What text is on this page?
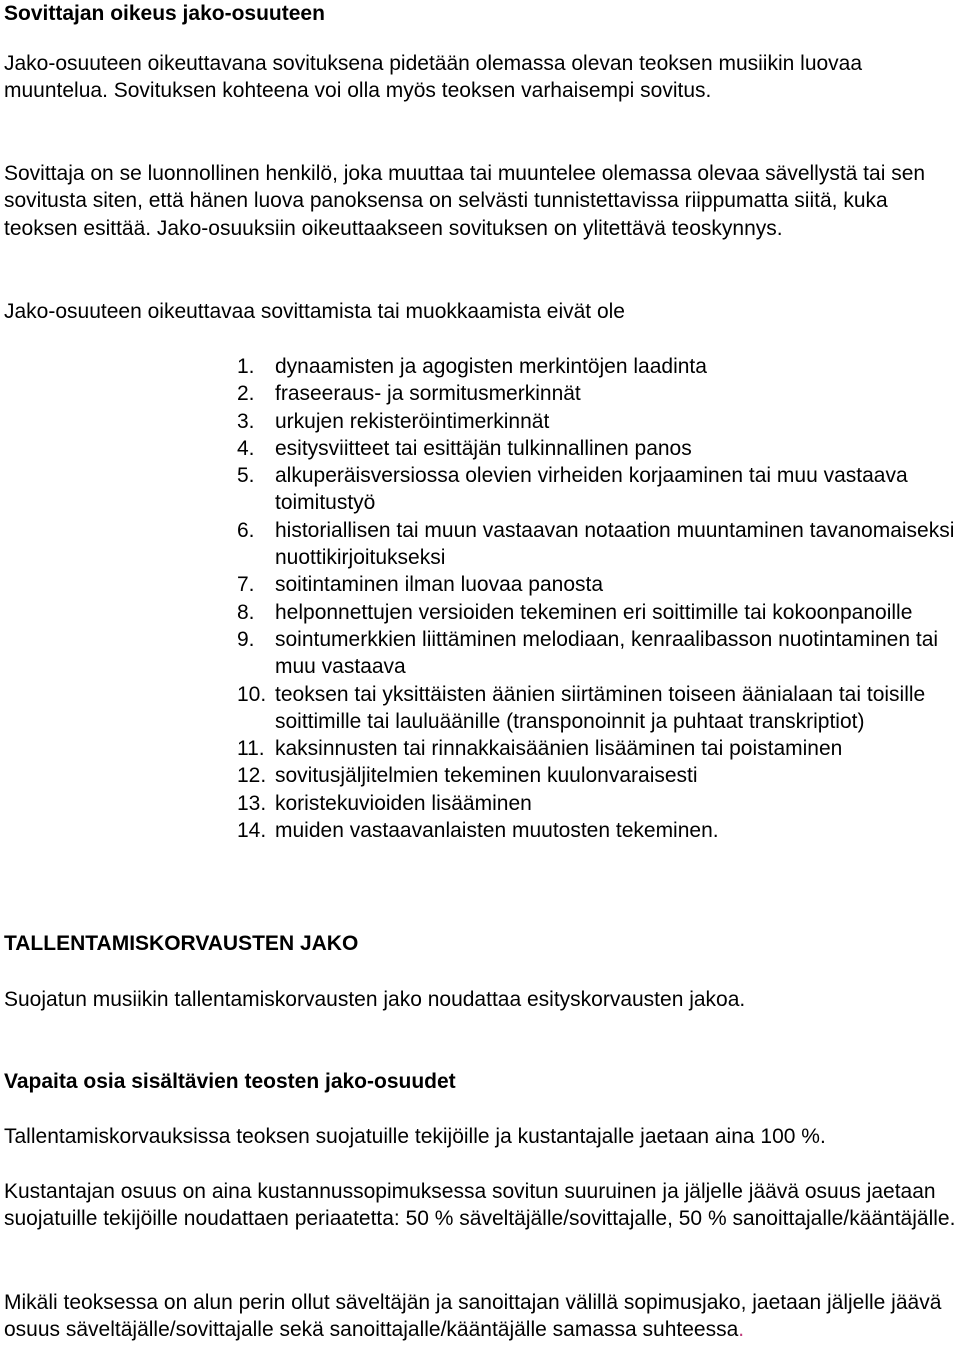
Sovittajan oikeus jako-osuuteen

Jako-osuuteen oikeuttavana sovituksena pidetään olemassa olevan teoksen musiikin luovaa muuntelua. Sovituksen kohteena voi olla myös teoksen varhaisempi sovitus.

Sovittaja on se luonnollinen henkilö, joka muuttaa tai muuntelee olemassa olevaa sävellystä tai sen sovitusta siten, että hänen luova panoksensa on selvästi tunnistettavissa riippumatta siitä, kuka teoksen esittää. Jako-osuuksiin oikeuttaakseen sovituksen on ylitettävä teoskynnys.

Jako-osuuteen oikeuttavaa sovittamista tai muokkaamista eivät ole

1. dynaamisten ja agogisten merkintöjen laadinta
2. fraseeraus- ja sormitusmerkinnät
3. urkujen rekisteröintimerkinnät
4. esitysviitteet tai esittäjän tulkinnallinen panos
5. alkuperäisversiossa olevien virheiden korjaaminen tai muu vastaava toimitustyö
6. historiallisen tai muun vastaavan notaation muuntaminen tavanomaiseksi nuottikirjoitukseksi
7. soitintaminen ilman luovaa panosta
8. helponnettujen versioiden tekeminen eri soittimille tai kokoonpanoille
9. sointumerkkien liittäminen melodiaan, kenraalibasson nuotintaminen tai muu vastaava
10. teoksen tai yksittäisten äänien siirtäminen toiseen äänialaan tai toisille soittimille tai lauluäänille (transponoinnit ja puhtaat transkriptiot)
11. kaksinnusten tai rinnakkaisäänien lisääminen tai poistaminen
12. sovitusjäljitelmien tekeminen kuulonvaraisesti
13. koristekuvioiden lisääminen
14. muiden vastaavanlaisten muutosten tekeminen.
TALLENTAMISKORVAUSTEN JAKO

Suojatun musiikin tallentamiskorvausten jako noudattaa esityskorvausten jakoa.

Vapaita osia sisältävien teosten jako-osuudet

Tallentamiskorvauksissa teoksen suojatuille tekijöille ja kustantajalle jaetaan aina 100 %.

Kustantajan osuus on aina kustannussopimuksessa sovitun suuruinen ja jäljelle jäävä osuus jaetaan suojatuille tekijöille noudattaen periaatetta: 50 % säveltäjälle/sovittajalle, 50 % sanoittajalle/kääntäjälle.

Mikäli teoksessa on alun perin ollut säveltäjän ja sanoittajan välillä sopimusjako, jaetaan jäljelle jäävä osuus säveltäjälle/sovittajalle sekä sanoittajalle/kääntäjälle samassa suhteessa.
